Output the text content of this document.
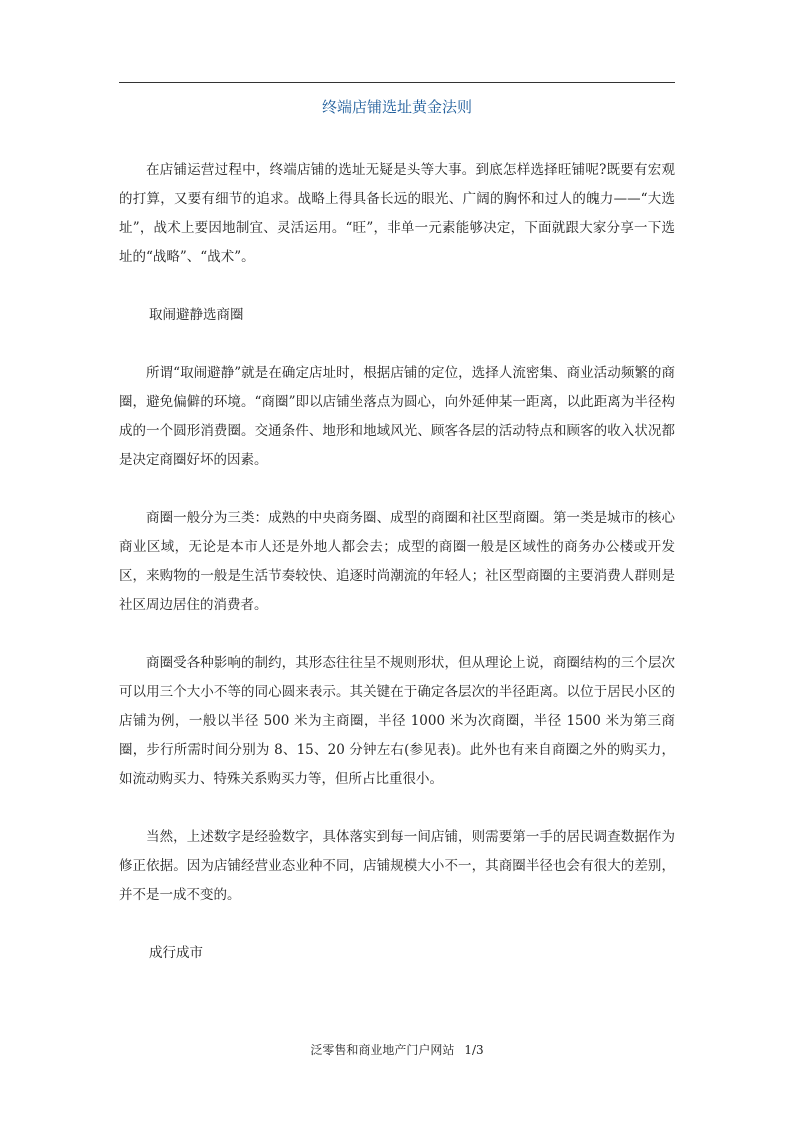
终端店铺选址黄金法则

在店铺运营过程中，终端店铺的选址无疑是头等大事。到底怎样选择旺铺呢?既要有宏观的打算，又要有细节的追求。战略上得具备长远的眼光、广阔的胸怀和过人的魄力——“大选址”，战术上要因地制宜、灵活运用。“旺”，非单一元素能够决定，下面就跟大家分享一下选址的“战略”、“战术”。

取闹避静选商圈

所谓“取闹避静”就是在确定店址时，根据店铺的定位，选择人流密集、商业活动频繁的商圈，避免偏僻的环境。“商圈”即以店铺坐落点为圆心，向外延伸某一距离，以此距离为半径构成的一个圆形消费圈。交通条件、地形和地域风光、顾客各层的活动特点和顾客的收入状况都是决定商圈好坏的因素。

商圈一般分为三类：成熟的中央商务圈、成型的商圈和社区型商圈。第一类是城市的核心商业区域，无论是本市人还是外地人都会去；成型的商圈一般是区域性的商务办公楼或开发区，来购物的一般是生活节奏较快、追逐时尚潮流的年轻人；社区型商圈的主要消费人群则是社区周边居住的消费者。

商圈受各种影响的制约，其形态往往呈不规则形状，但从理论上说，商圈结构的三个层次可以用三个大小不等的同心圆来表示。其关键在于确定各层次的半径距离。以位于居民小区的店铺为例，一般以半径 500 米为主商圈，半径 1000 米为次商圈，半径 1500 米为第三商圈，步行所需时间分别为 8、15、20 分钟左右(参见表)。此外也有来自商圈之外的购买力，如流动购买力、特殊关系购买力等，但所占比重很小。

当然，上述数字是经验数字，具体落实到每一间店铺，则需要第一手的居民调查数据作为修正依据。因为店铺经营业态业种不同，店铺规模大小不一，其商圈半径也会有很大的差别，并不是一成不变的。

成行成市

泛零售和商业地产门户网站 1/3
